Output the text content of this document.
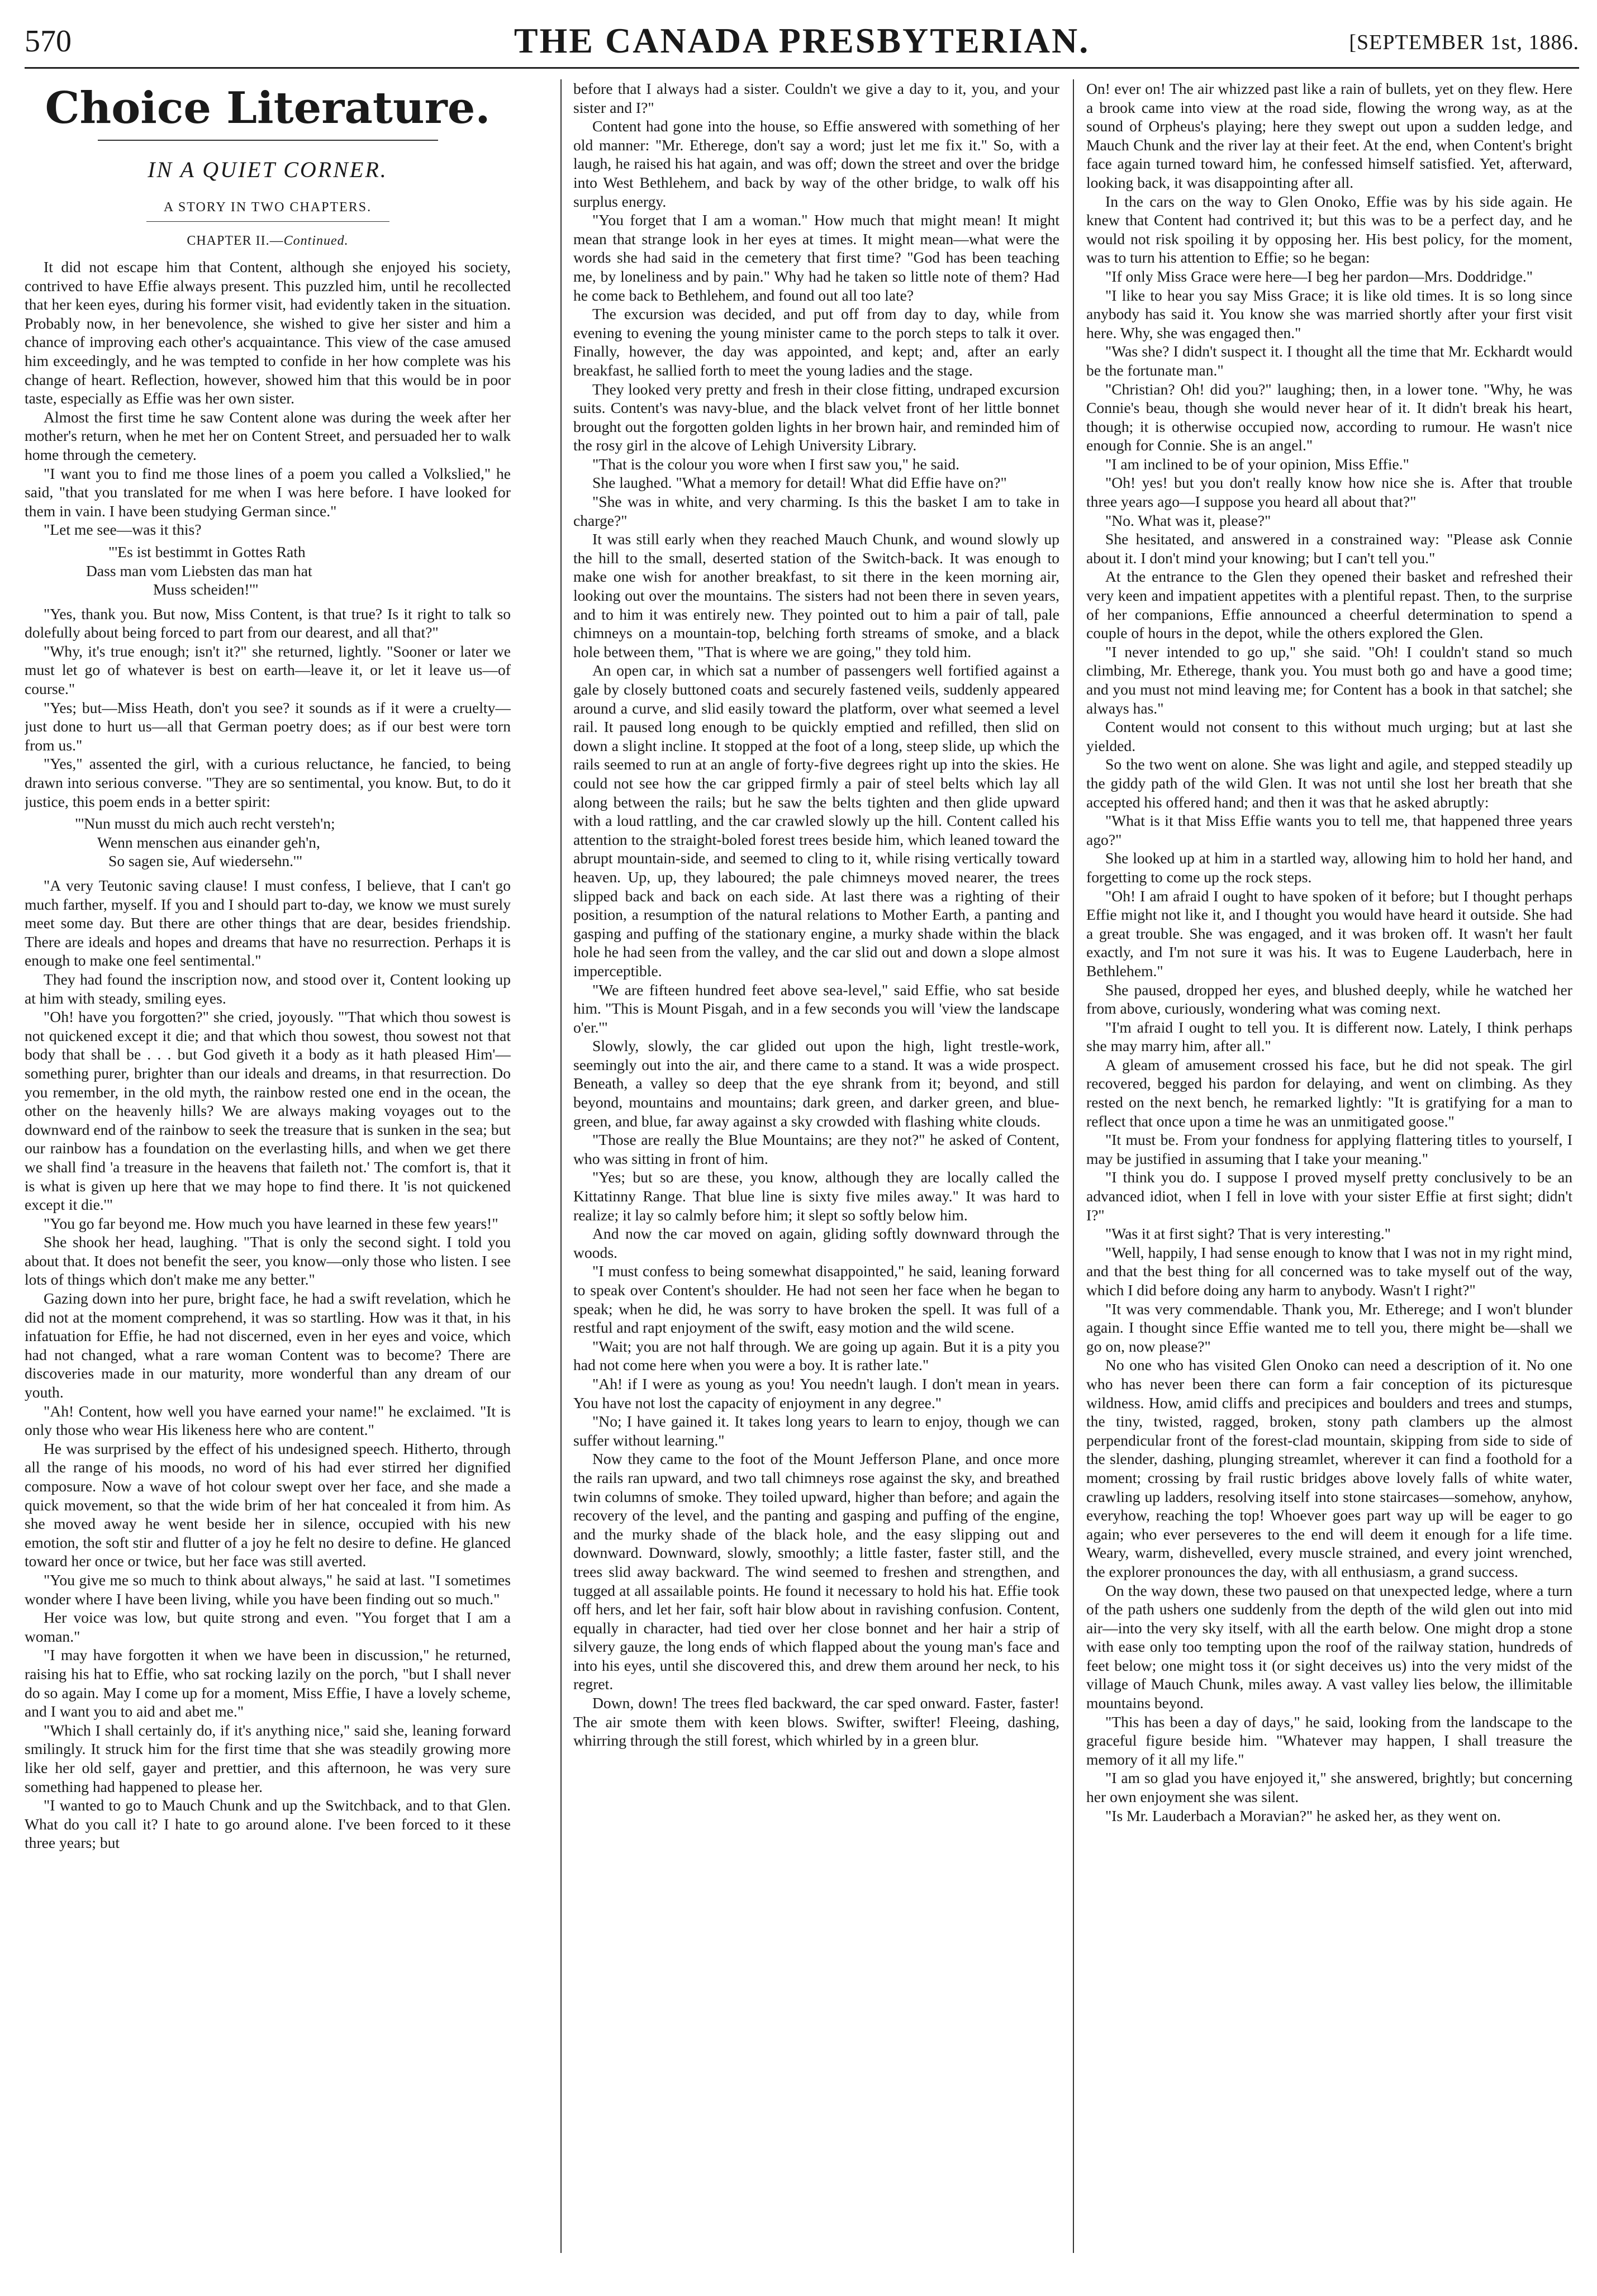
570	THE CANADA PRESBYTERIAN.	[SEPTEMBER 1st, 1886.
Choice Literature.
IN A QUIET CORNER.
A STORY IN TWO CHAPTERS.
CHAPTER II.—Continued.

It did not escape him that Content, although she enjoyed his society, contrived to have Effie always present. This puzzled him, until he recollected that her keen eyes, during his former visit, had evidently taken in the situation. Probably now, in her benevolence, she wished to give her sister and him a chance of improving each other's acquaintance. This view of the case amused him exceedingly, and he was tempted to confide in her how complete was his change of heart. Reflection, however, showed him that this would be in poor taste, especially as Effie was her own sister.

Almost the first time he saw Content alone was during the week after her mother's return, when he met her on Content Street, and persuaded her to walk home through the cemetery.

"I want you to find me those lines of a poem you called a Volkslied," he said, "that you translated for me when I was here before. I have looked for them in vain. I have been studying German since."

"Let me see—was it this?

"'Es ist bestimmt in Gottes Rath
Dass man vom Liebsten das man hat
Muss scheiden!'"

"Yes, thank you. But now, Miss Content, is that true? Is it right to talk so dolefully about being forced to part from our dearest, and all that?"

"Why, it's true enough; isn't it?" she returned, lightly. "Sooner or later we must let go of whatever is best on earth—leave it, or let it leave us—of course."

"Yes; but—Miss Heath, don't you see? it sounds as if it were a cruelty—just done to hurt us—all that German poetry does; as if our best were torn from us."

"Yes," assented the girl, with a curious reluctance, he fancied, to being drawn into serious converse. "They are so sentimental, you know. But, to do it justice, this poem ends in a better spirit:

"'Nun musst du mich auch recht versteh'n;
Wenn menschen aus einander geh'n,
So sagen sie, Auf wiedersehn.'"

"A very Teutonic saving clause! I must confess, I believe, that I can't go much farther, myself. If you and I should part to-day, we know we must surely meet some day. But there are other things that are dear, besides friendship. There are ideals and hopes and dreams that have no resurrection. Perhaps it is enough to make one feel sentimental."

They had found the inscription now, and stood over it, Content looking up at him with steady, smiling eyes.

"Oh! have you forgotten?" she cried, joyously. "'That which thou sowest is not quickened except it die; and that which thou sowest, thou sowest not that body that shall be . . . but God giveth it a body as it hath pleased Him'—something purer, brighter than our ideals and dreams, in that resurrection. Do you remember, in the old myth, the rainbow rested one end in the ocean, the other on the heavenly hills? We are always making voyages out to the downward end of the rainbow to seek the treasure that is sunken in the sea; but our rainbow has a foundation on the everlasting hills, and when we get there we shall find 'a treasure in the heavens that faileth not.' The comfort is, that it is what is given up here that we may hope to find there. It 'is not quickened except it die.'"

"You go far beyond me. How much you have learned in these few years!"

She shook her head, laughing. "That is only the second sight. I told you about that. It does not benefit the seer, you know—only those who listen. I see lots of things which don't make me any better."

Gazing down into her pure, bright face, he had a swift revelation, which he did not at the moment comprehend, it was so startling. How was it that, in his infatuation for Effie, he had not discerned, even in her eyes and voice, which had not changed, what a rare woman Content was to become? There are discoveries made in our maturity, more wonderful than any dream of our youth.

"Ah! Content, how well you have earned your name!" he exclaimed. "It is only those who wear His likeness here who are content."

He was surprised by the effect of his undesigned speech. Hitherto, through all the range of his moods, no word of his had ever stirred her dignified composure. Now a wave of hot colour swept over her face, and she made a quick movement, so that the wide brim of her hat concealed it from him. As she moved away he went beside her in silence, occupied with his new emotion, the soft stir and flutter of a joy he felt no desire to define. He glanced toward her once or twice, but her face was still averted.

"You give me so much to think about always," he said at last. "I sometimes wonder where I have been living, while you have been finding out so much."

Her voice was low, but quite strong and even. "You forget that I am a woman."

"I may have forgotten it when we have been in discussion," he returned, raising his hat to Effie, who sat rocking lazily on the porch, "but I shall never do so again. May I come up for a moment, Miss Effie, I have a lovely scheme, and I want you to aid and abet me."

"Which I shall certainly do, if it's anything nice," said she, leaning forward smilingly. It struck him for the first time that she was steadily growing more like her old self, gayer and prettier, and this afternoon, he was very sure something had happened to please her.

"I wanted to go to Mauch Chunk and up the Switchback, and to that Glen. What do you call it? I hate to go around alone. I've been forced to it these three years; but

before that I always had a sister. Couldn't we give a day to it, you, and your sister and I?"

Content had gone into the house, so Effie answered with something of her old manner: "Mr. Etherege, don't say a word; just let me fix it." So, with a laugh, he raised his hat again, and was off; down the street and over the bridge into West Bethlehem, and back by way of the other bridge, to walk off his surplus energy.

"You forget that I am a woman." How much that might mean! It might mean that strange look in her eyes at times. It might mean—what were the words she had said in the cemetery that first time? "God has been teaching me, by loneliness and by pain." Why had he taken so little note of them? Had he come back to Bethlehem, and found out all too late?

The excursion was decided, and put off from day to day, while from evening to evening the young minister came to the porch steps to talk it over. Finally, however, the day was appointed, and kept; and, after an early breakfast, he sallied forth to meet the young ladies and the stage.

They looked very pretty and fresh in their close fitting, undraped excursion suits. Content's was navy-blue, and the black velvet front of her little bonnet brought out the forgotten golden lights in her brown hair, and reminded him of the rosy girl in the alcove of Lehigh University Library.

"That is the colour you wore when I first saw you," he said.

She laughed. "What a memory for detail! What did Effie have on?"

"She was in white, and very charming. Is this the basket I am to take in charge?"

It was still early when they reached Mauch Chunk, and wound slowly up the hill to the small, deserted station of the Switch-back. It was enough to make one wish for another breakfast, to sit there in the keen morning air, looking out over the mountains. The sisters had not been there in seven years, and to him it was entirely new. They pointed out to him a pair of tall, pale chimneys on a mountain-top, belching forth streams of smoke, and a black hole between them, "That is where we are going," they told him.

An open car, in which sat a number of passengers well fortified against a gale by closely buttoned coats and securely fastened veils, suddenly appeared around a curve, and slid easily toward the platform, over what seemed a level rail. It paused long enough to be quickly emptied and refilled, then slid on down a slight incline. It stopped at the foot of a long, steep slide, up which the rails seemed to run at an angle of forty-five degrees right up into the skies. He could not see how the car gripped firmly a pair of steel belts which lay all along between the rails; but he saw the belts tighten and then glide upward with a loud rattling, and the car crawled slowly up the hill. Content called his attention to the straight-boled forest trees beside him, which leaned toward the abrupt mountain-side, and seemed to cling to it, while rising vertically toward heaven. Up, up, they laboured; the pale chimneys moved nearer, the trees slipped back and back on each side. At last there was a righting of their position, a resumption of the natural relations to Mother Earth, a panting and gasping and puffing of the stationary engine, a murky shade within the black hole he had seen from the valley, and the car slid out and down a slope almost imperceptible.

"We are fifteen hundred feet above sea-level," said Effie, who sat beside him. "This is Mount Pisgah, and in a few seconds you will 'view the landscape o'er.'"

Slowly, slowly, the car glided out upon the high, light trestle-work, seemingly out into the air, and there came to a stand. It was a wide prospect. Beneath, a valley so deep that the eye shrank from it; beyond, and still beyond, mountains and mountains; dark green, and darker green, and blue-green, and blue, far away against a sky crowded with flashing white clouds.

"Those are really the Blue Mountains; are they not?" he asked of Content, who was sitting in front of him.

"Yes; but so are these, you know, although they are locally called the Kittatinny Range. That blue line is sixty five miles away." It was hard to realize; it lay so calmly before him; it slept so softly below him.

And now the car moved on again, gliding softly downward through the woods.

"I must confess to being somewhat disappointed," he said, leaning forward to speak over Content's shoulder. He had not seen her face when he began to speak; when he did, he was sorry to have broken the spell. It was full of a restful and rapt enjoyment of the swift, easy motion and the wild scene.

"Wait; you are not half through. We are going up again. But it is a pity you had not come here when you were a boy. It is rather late."

"Ah! if I were as young as you! You needn't laugh. I don't mean in years. You have not lost the capacity of enjoyment in any degree."

"No; I have gained it. It takes long years to learn to enjoy, though we can suffer without learning."

Now they came to the foot of the Mount Jefferson Plane, and once more the rails ran upward, and two tall chimneys rose against the sky, and breathed twin columns of smoke. They toiled upward, higher than before; and again the recovery of the level, and the panting and gasping and puffing of the engine, and the murky shade of the black hole, and the easy slipping out and downward. Downward, slowly, smoothly; a little faster, faster still, and the trees slid away backward. The wind seemed to freshen and strengthen, and tugged at all assailable points. He found it necessary to hold his hat. Effie took off hers, and let her fair, soft hair blow about in ravishing confusion. Content, equally in character, had tied over her close bonnet and her hair a strip of silvery gauze, the long ends of which flapped about the young man's face and into his eyes, until she discovered this, and drew them around her neck, to his regret.

Down, down! The trees fled backward, the car sped onward. Faster, faster! The air smote them with keen blows. Swifter, swifter! Fleeing, dashing, whirring through the still forest, which whirled by in a green blur.

On! ever on! The air whizzed past like a rain of bullets, yet on they flew. Here a brook came into view at the road side, flowing the wrong way, as at the sound of Orpheus's playing; here they swept out upon a sudden ledge, and Mauch Chunk and the river lay at their feet. At the end, when Content's bright face again turned toward him, he confessed himself satisfied. Yet, afterward, looking back, it was disappointing after all.

In the cars on the way to Glen Onoko, Effie was by his side again. He knew that Content had contrived it; but this was to be a perfect day, and he would not risk spoiling it by opposing her. His best policy, for the moment, was to turn his attention to Effie; so he began:

"If only Miss Grace were here—I beg her pardon—Mrs. Doddridge."

"I like to hear you say Miss Grace; it is like old times. It is so long since anybody has said it. You know she was married shortly after your first visit here. Why, she was engaged then."

"Was she? I didn't suspect it. I thought all the time that Mr. Eckhardt would be the fortunate man."

"Christian? Oh! did you?" laughing; then, in a lower tone. "Why, he was Connie's beau, though she would never hear of it. It didn't break his heart, though; it is otherwise occupied now, according to rumour. He wasn't nice enough for Connie. She is an angel."

"I am inclined to be of your opinion, Miss Effie."

"Oh! yes! but you don't really know how nice she is. After that trouble three years ago—I suppose you heard all about that?"

"No. What was it, please?"

She hesitated, and answered in a constrained way: "Please ask Connie about it. I don't mind your knowing; but I can't tell you."

At the entrance to the Glen they opened their basket and refreshed their very keen and impatient appetites with a plentiful repast. Then, to the surprise of her companions, Effie announced a cheerful determination to spend a couple of hours in the depot, while the others explored the Glen.

"I never intended to go up," she said. "Oh! I couldn't stand so much climbing, Mr. Etherege, thank you. You must both go and have a good time; and you must not mind leaving me; for Content has a book in that satchel; she always has."

Content would not consent to this without much urging; but at last she yielded.

So the two went on alone. She was light and agile, and stepped steadily up the giddy path of the wild Glen. It was not until she lost her breath that she accepted his offered hand; and then it was that he asked abruptly:

"What is it that Miss Effie wants you to tell me, that happened three years ago?"

She looked up at him in a startled way, allowing him to hold her hand, and forgetting to come up the rock steps.

"Oh! I am afraid I ought to have spoken of it before; but I thought perhaps Effie might not like it, and I thought you would have heard it outside. She had a great trouble. She was engaged, and it was broken off. It wasn't her fault exactly, and I'm not sure it was his. It was to Eugene Lauderbach, here in Bethlehem."

She paused, dropped her eyes, and blushed deeply, while he watched her from above, curiously, wondering what was coming next.

"I'm afraid I ought to tell you. It is different now. Lately, I think perhaps she may marry him, after all."

A gleam of amusement crossed his face, but he did not speak. The girl recovered, begged his pardon for delaying, and went on climbing. As they rested on the next bench, he remarked lightly: "It is gratifying for a man to reflect that once upon a time he was an unmitigated goose."

"It must be. From your fondness for applying flattering titles to yourself, I may be justified in assuming that I take your meaning."

"I think you do. I suppose I proved myself pretty conclusively to be an advanced idiot, when I fell in love with your sister Effie at first sight; didn't I?"

"Was it at first sight? That is very interesting."

"Well, happily, I had sense enough to know that I was not in my right mind, and that the best thing for all concerned was to take myself out of the way, which I did before doing any harm to anybody. Wasn't I right?"

"It was very commendable. Thank you, Mr. Etherege; and I won't blunder again. I thought since Effie wanted me to tell you, there might be—shall we go on, now please?"

No one who has visited Glen Onoko can need a description of it. No one who has never been there can form a fair conception of its picturesque wildness. How, amid cliffs and precipices and boulders and trees and stumps, the tiny, twisted, ragged, broken, stony path clambers up the almost perpendicular front of the forest-clad mountain, skipping from side to side of the slender, dashing, plunging streamlet, wherever it can find a foothold for a moment; crossing by frail rustic bridges above lovely falls of white water, crawling up ladders, resolving itself into stone staircases—somehow, anyhow, everyhow, reaching the top! Whoever goes part way up will be eager to go again; who ever perseveres to the end will deem it enough for a life time. Weary, warm, dishevelled, every muscle strained, and every joint wrenched, the explorer pronounces the day, with all enthusiasm, a grand success.

On the way down, these two paused on that unexpected ledge, where a turn of the path ushers one suddenly from the depth of the wild glen out into mid air—into the very sky itself, with all the earth below. One might drop a stone with ease only too tempting upon the roof of the railway station, hundreds of feet below; one might toss it (or sight deceives us) into the very midst of the village of Mauch Chunk, miles away. A vast valley lies below, the illimitable mountains beyond.

"This has been a day of days," he said, looking from the landscape to the graceful figure beside him. "Whatever may happen, I shall treasure the memory of it all my life."

"I am so glad you have enjoyed it," she answered, brightly; but concerning her own enjoyment she was silent.

"Is Mr. Lauderbach a Moravian?" he asked her, as they went on.
